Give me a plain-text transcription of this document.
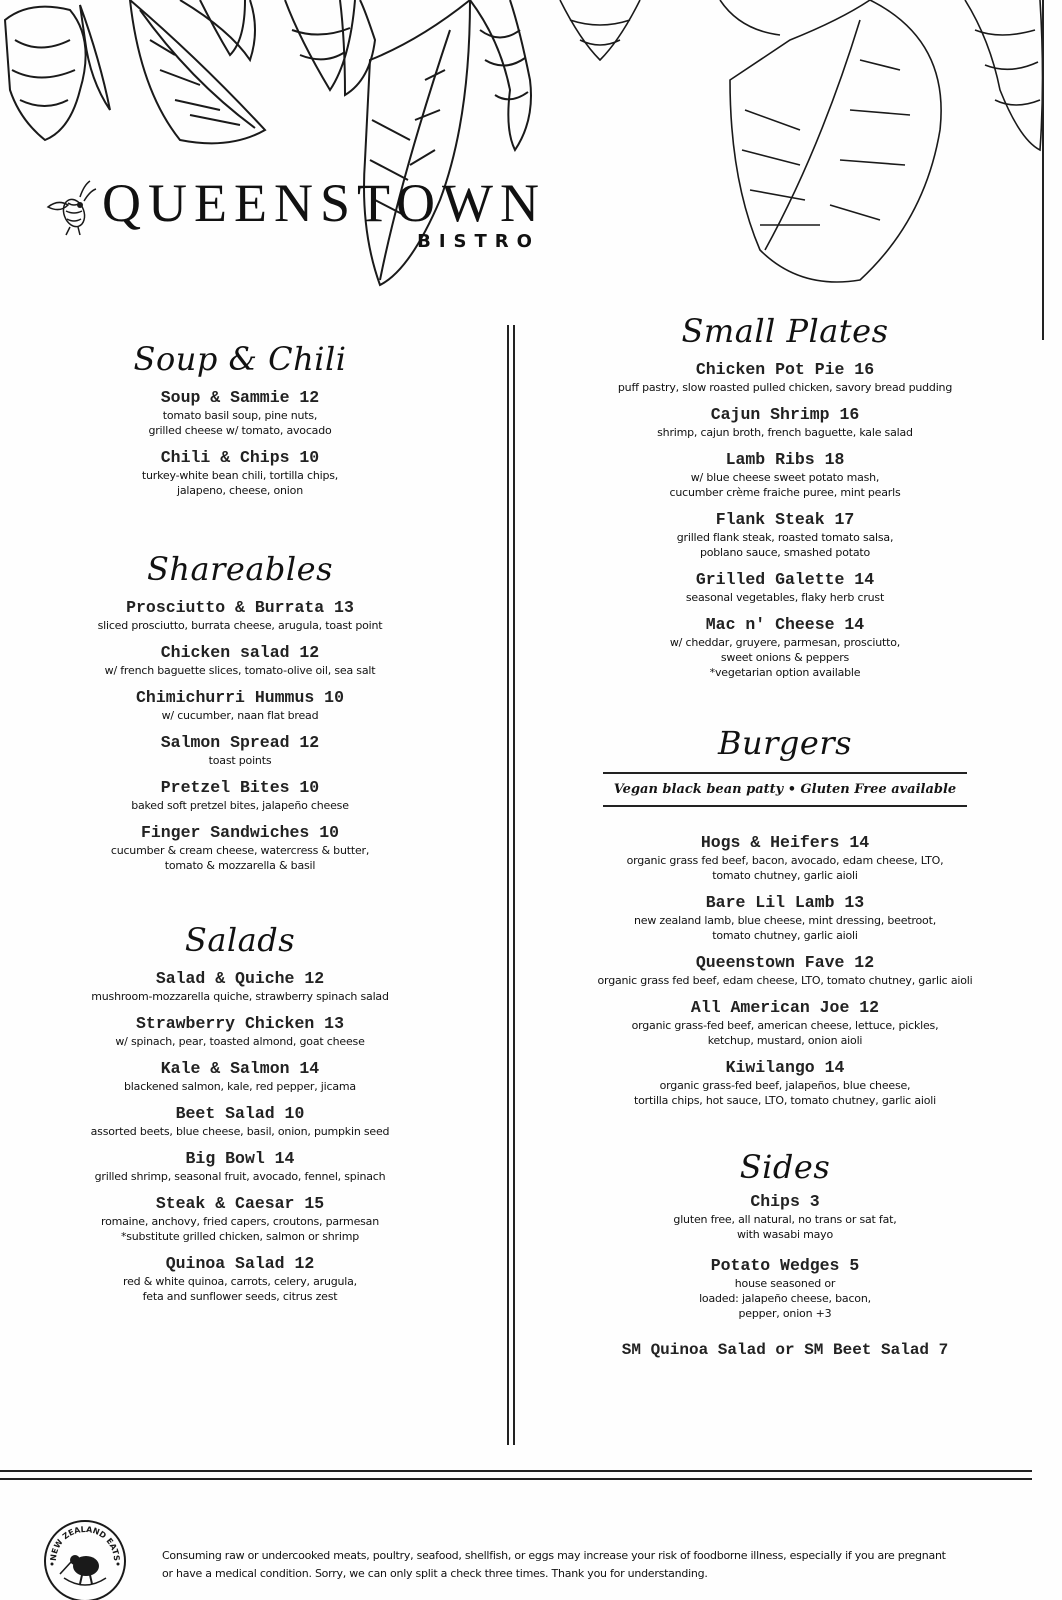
QUEENSTOWN
BISTRO
Soup & Chili
Soup & Sammie 12
tomato basil soup, pine nuts,
grilled cheese w/ tomato, avocado
Chili & Chips 10
turkey-white bean chili, tortilla chips,
jalapeno, cheese, onion
Shareables
Prosciutto & Burrata 13
sliced prosciutto, burrata cheese, arugula, toast point
Chicken salad 12
w/ french baguette slices, tomato-olive oil, sea salt
Chimichurri Hummus 10
w/ cucumber, naan flat bread
Salmon Spread 12
toast points
Pretzel Bites 10
baked soft pretzel bites, jalapeño cheese
Finger Sandwiches 10
cucumber & cream cheese, watercress & butter,
tomato & mozzarella & basil
Salads
Salad & Quiche 12
mushroom-mozzarella quiche, strawberry spinach salad
Strawberry Chicken 13
w/ spinach, pear, toasted almond, goat cheese
Kale & Salmon 14
blackened salmon, kale, red pepper, jicama
Beet Salad 10
assorted beets, blue cheese, basil, onion, pumpkin seed
Big Bowl 14
grilled shrimp, seasonal fruit, avocado, fennel, spinach
Steak & Caesar 15
romaine, anchovy, fried capers, croutons, parmesan
*substitute grilled chicken, salmon or shrimp
Quinoa Salad 12
red & white quinoa, carrots, celery, arugula,
feta and sunflower seeds, citrus zest
Small Plates
Chicken Pot Pie 16
puff pastry, slow roasted pulled chicken, savory bread pudding
Cajun Shrimp 16
shrimp, cajun broth, french baguette, kale salad
Lamb Ribs 18
w/ blue cheese sweet potato mash,
cucumber crème fraiche puree, mint pearls
Flank Steak 17
grilled flank steak, roasted tomato salsa,
poblano sauce, smashed potato
Grilled Galette 14
seasonal vegetables, flaky herb crust
Mac n' Cheese 14
w/ cheddar, gruyere, parmesan, prosciutto,
sweet onions & peppers
*vegetarian option available
Burgers
Vegan black bean patty • Gluten Free available
Hogs & Heifers 14
organic grass fed beef, bacon, avocado, edam cheese, LTO,
tomato chutney, garlic aioli
Bare Lil Lamb 13
new zealand lamb, blue cheese, mint dressing, beetroot,
tomato chutney, garlic aioli
Queenstown Fave 12
organic grass fed beef, edam cheese, LTO, tomato chutney, garlic aioli
All American Joe 12
organic grass-fed beef, american cheese, lettuce, pickles,
ketchup, mustard, onion aioli
Kiwilango 14
organic grass-fed beef, jalapeños, blue cheese,
tortilla chips, hot sauce, LTO, tomato chutney, garlic aioli
Sides
Chips 3
gluten free, all natural, no trans or sat fat,
with wasabi mayo
Potato Wedges 5
house seasoned or
loaded: jalapeño cheese, bacon,
pepper, onion +3
SM Quinoa Salad or SM Beet Salad 7
NEW ZEALAND EATS	Consuming raw or undercooked meats, poultry, seafood, shellfish, or eggs may increase your risk of foodborne illness, especially if you are pregnant
or have a medical condition. Sorry, we can only split a check three times. Thank you for understanding.
